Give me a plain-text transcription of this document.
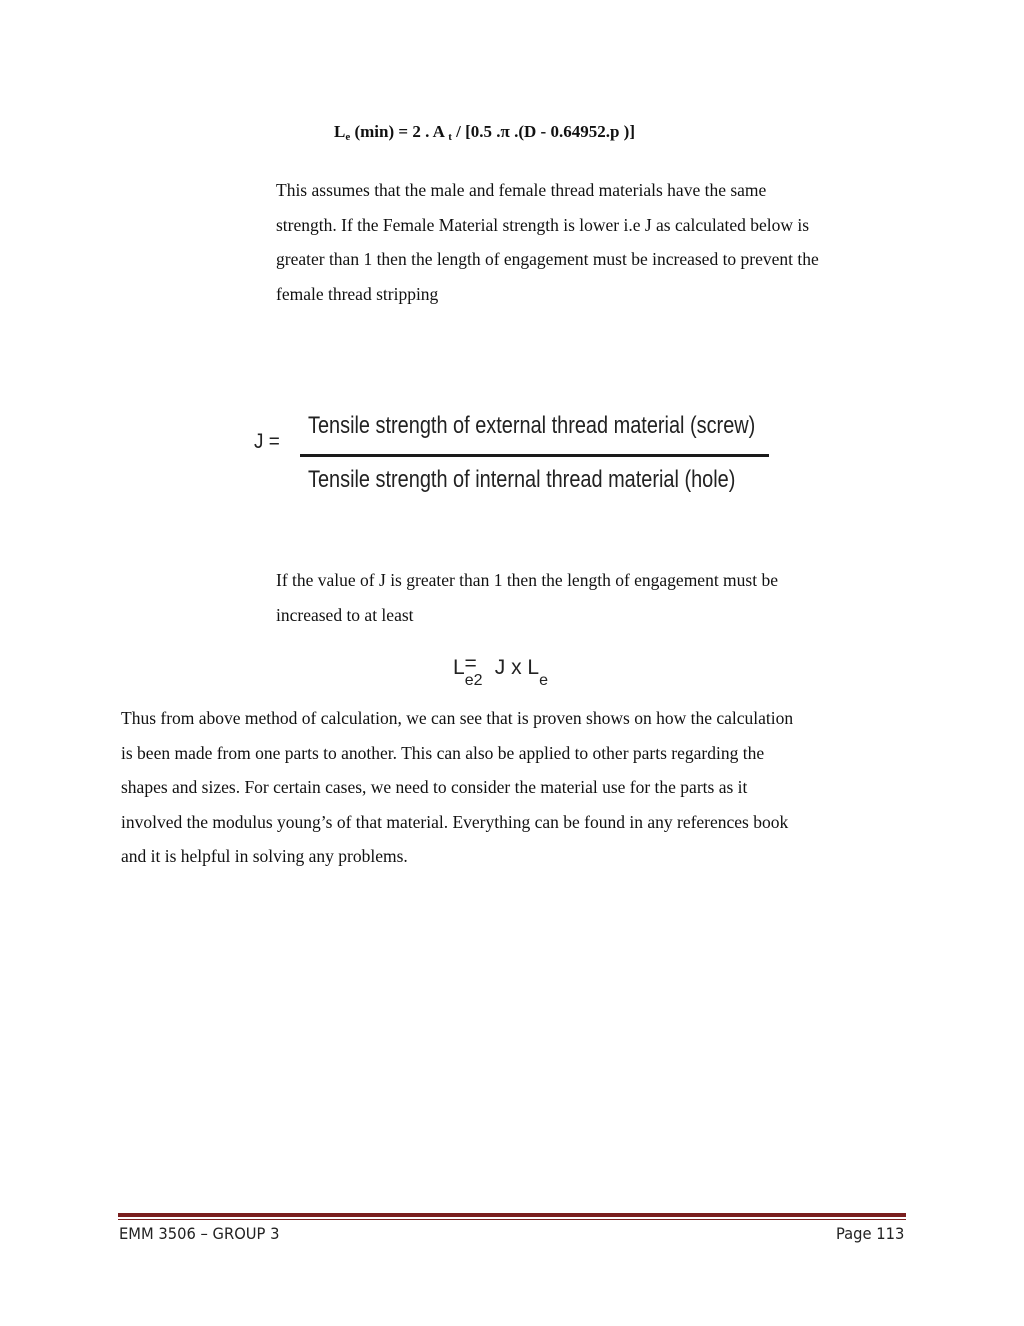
$L_e$ (min) = 2 . A $_t$ / [0.5 .π .(D - 0.64952.p )]
This assumes that the male and female thread materials have the same
strength. If the Female Material strength is lower i.e J as calculated below is
greater than 1 then the length of engagement must be increased to prevent the
female thread stripping
J =
Tensile strength of external thread material (screw)
Tensile strength of internal thread material (hole)
If the value of J is greater than 1 then the length of engagement must be
increased to at least
$L_{e2}= J$ x $L_e$
Thus from above method of calculation, we can see that is proven shows on how the calculation
is been made from one parts to another. This can also be applied to other parts regarding the
shapes and sizes. For certain cases, we need to consider the material use for the parts as it
involved the modulus young’s of that material. Everything can be found in any references book
and it is helpful in solving any problems.
EMM 3506 – GROUP 3	Page 113
